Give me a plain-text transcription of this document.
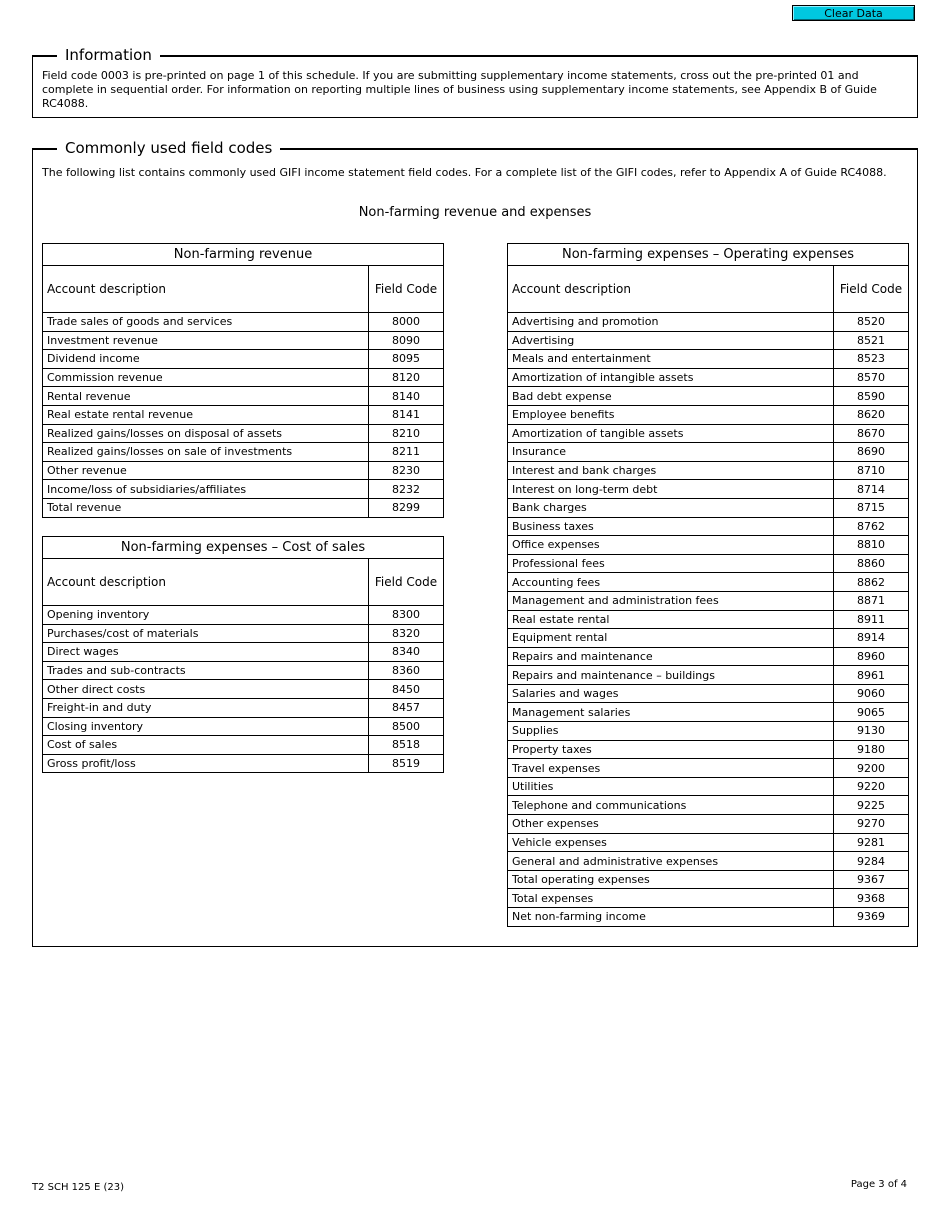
Clear Data
Information
Field code 0003 is pre-printed on page 1 of this schedule. If you are submitting supplementary income statements, cross out the pre-printed 01 and complete in sequential order. For information on reporting multiple lines of business using supplementary income statements, see Appendix B of Guide RC4088.
Commonly used field codes
The following list contains commonly used GIFI income statement field codes. For a complete list of the GIFI codes, refer to Appendix A of Guide RC4088.
Non-farming revenue and expenses
Non-farming revenue	
Account description	Field Code
Trade sales of goods and services	8000
Investment revenue	8090
Dividend income	8095
Commission revenue	8120
Rental revenue	8140
Real estate rental revenue	8141
Realized gains/losses on disposal of assets	8210
Realized gains/losses on sale of investments	8211
Other revenue	8230
Income/loss of subsidiaries/affiliates	8232
Total revenue	8299
Non-farming expenses – Cost of sales	
Account description	Field Code
Opening inventory	8300
Purchases/cost of materials	8320
Direct wages	8340
Trades and sub-contracts	8360
Other direct costs	8450
Freight-in and duty	8457
Closing inventory	8500
Cost of sales	8518
Gross profit/loss	8519
Non-farming expenses – Operating expenses	
Account description	Field Code
Advertising and promotion	8520
Advertising	8521
Meals and entertainment	8523
Amortization of intangible assets	8570
Bad debt expense	8590
Employee benefits	8620
Amortization of tangible assets	8670
Insurance	8690
Interest and bank charges	8710
Interest on long-term debt	8714
Bank charges	8715
Business taxes	8762
Office expenses	8810
Professional fees	8860
Accounting fees	8862
Management and administration fees	8871
Real estate rental	8911
Equipment rental	8914
Repairs and maintenance	8960
Repairs and maintenance – buildings	8961
Salaries and wages	9060
Management salaries	9065
Supplies	9130
Property taxes	9180
Travel expenses	9200
Utilities	9220
Telephone and communications	9225
Other expenses	9270
Vehicle expenses	9281
General and administrative expenses	9284
Total operating expenses	9367
Total expenses	9368
Net non-farming income	9369
T2 SCH 125 E (23)	Page 3 of 4
